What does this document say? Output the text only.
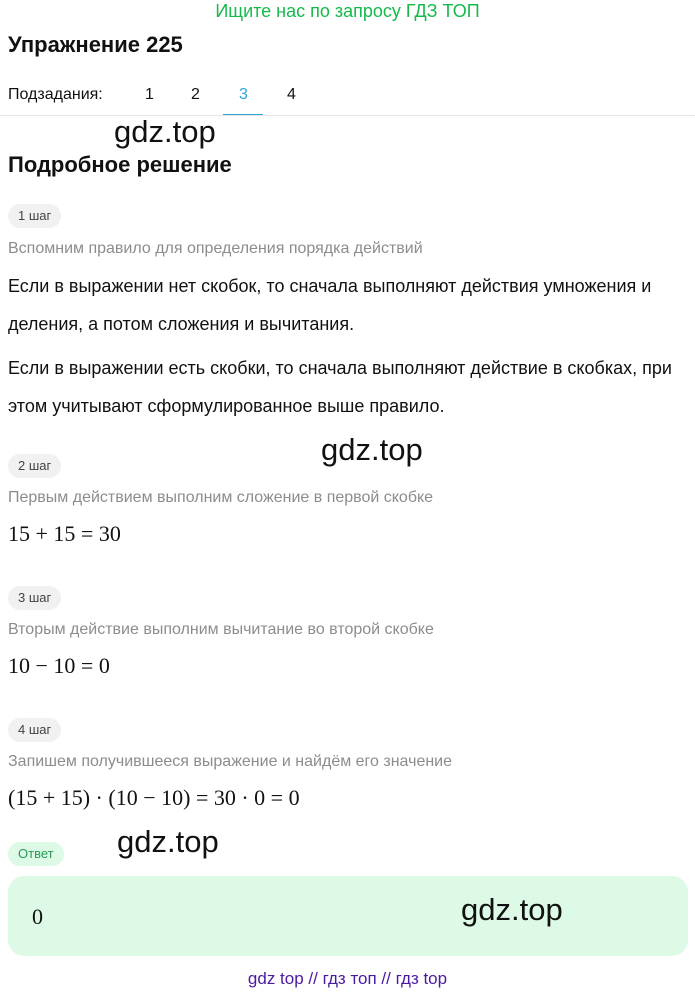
Ищите нас по запросу ГДЗ ТОП
Упражнение 225
Подзадания:	1 2 3 4
gdz.top
Подробное решение
1 шаг
Вспомним правило для определения порядка действий
Если в выражении нет скобок, то сначала выполняют действия умножения и деления, а потом сложения и вычитания.
Если в выражении есть скобки, то сначала выполняют действие в скобках, при этом учитывают сформулированное выше правило.
gdz.top
2 шаг
Первым действием выполним сложение в первой скобке
15 + 15 = 30
3 шаг
Вторым действие выполним вычитание во второй скобке
10 − 10 = 0
4 шаг
Запишем получившееся выражение и найдём его значение
(15 + 15) · (10 − 10) = 30 · 0 = 0
gdz.top
Ответ
0	gdz.top
gdz top // гдз топ // гдз top
